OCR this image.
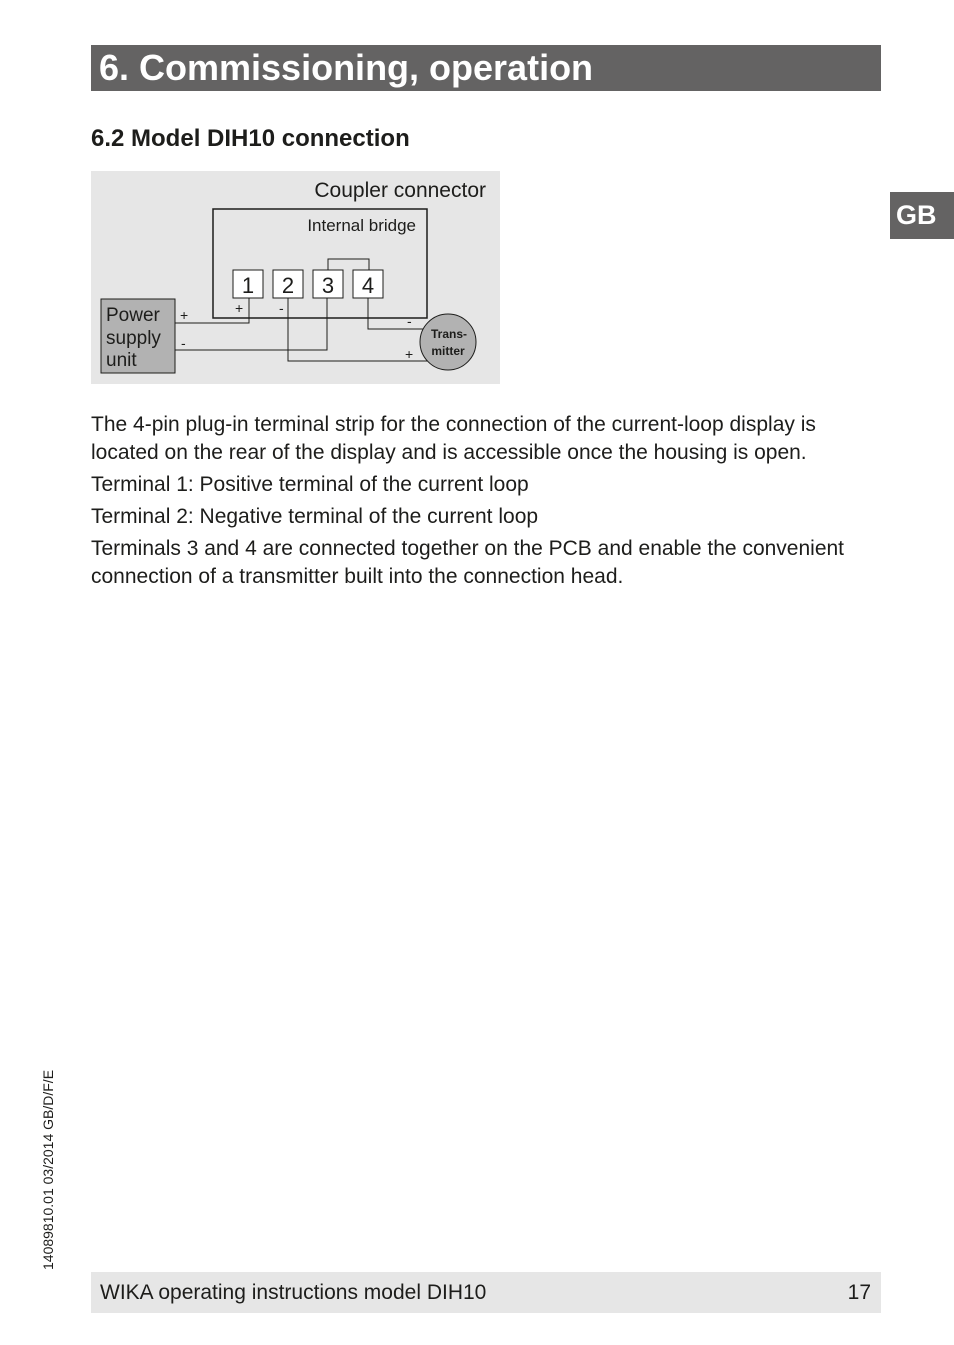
6. Commissioning, operation
GB
6.2 Model DIH10 connection
1 2 3 4
Power
supply
unit
Trans-
mitter
+
-
+	-
-
+
Coupler connector
Internal bridge

The 4-pin plug-in terminal strip for the connection of the current-loop display is located on the rear of the display and is accessible once the housing is open.

Terminal 1: Positive terminal of the current loop

Terminal 2: Negative terminal of the current loop

Terminals 3 and 4 are connected together on the PCB and enable the convenient connection of a transmitter built into the connection head.

14089810.01 03/2014 GB/D/F/E
WIKA operating instructions model DIH10	17
